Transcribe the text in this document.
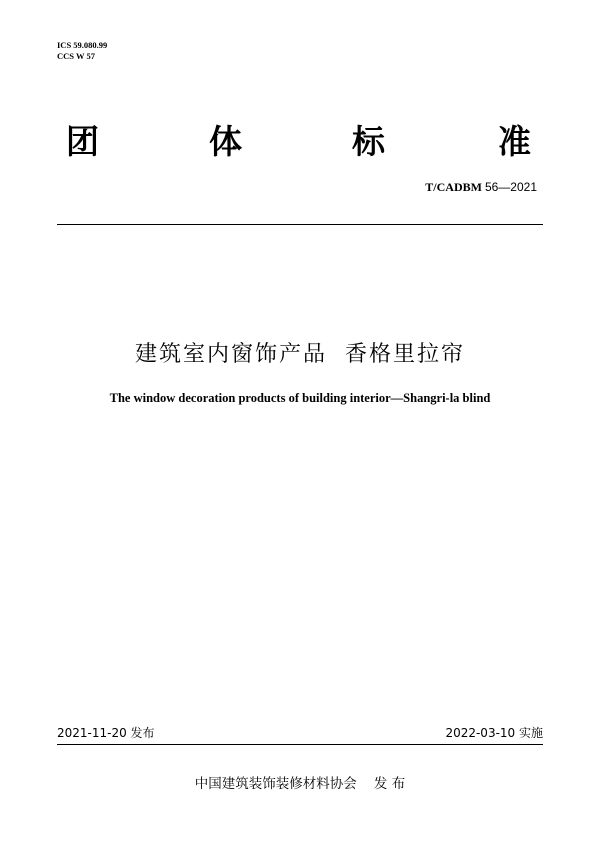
ICS 59.080.99
CCS W 57
团	体	标	准
T/CADBM 56—2021
建筑室内窗饰产品  香格里拉帘
The window decoration products of building interior—Shangri-la blind
2021-11-20 发布	2022-03-10 实施
中国建筑装饰装修材料协会    发 布
